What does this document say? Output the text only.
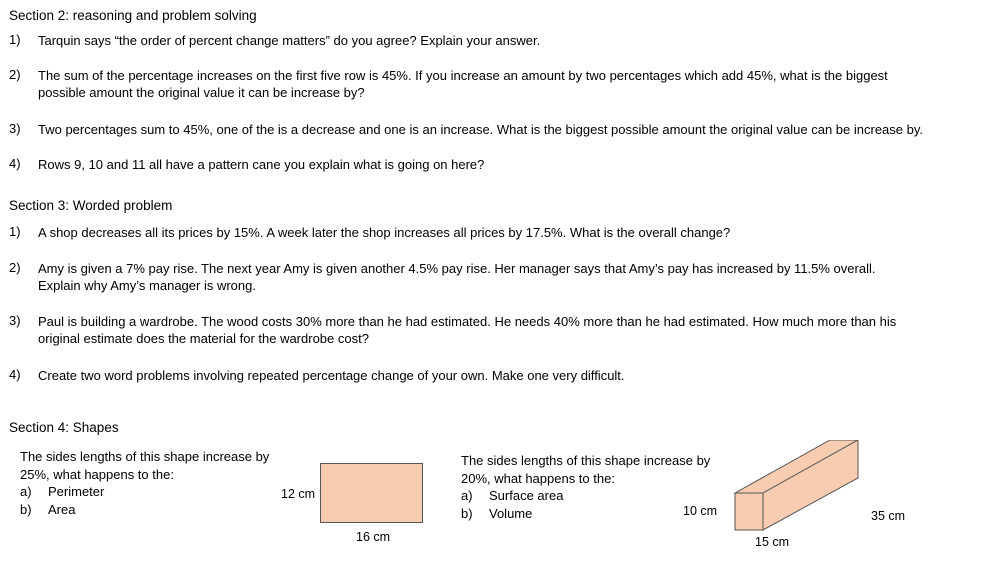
Section 2: reasoning and problem solving
1) Tarquin says “the order of percent change matters” do you agree? Explain your answer.
2) The sum of the percentage increases on the first five row is 45%. If you increase an amount by two percentages which add 45%, what is the biggest
possible amount the original value it can be increase by?
3) Two percentages sum to 45%, one of the is a decrease and one is an increase. What is the biggest possible amount the original value can be increase by.
4) Rows 9, 10 and 11 all have a pattern cane you explain what is going on here?
Section 3: Worded problem
1) A shop decreases all its prices by 15%. A week later the shop increases all prices by 17.5%. What is the overall change?
2) Amy is given a 7% pay rise. The next year Amy is given another 4.5% pay rise. Her manager says that Amy’s pay has increased by 11.5% overall.
Explain why Amy’s manager is wrong.
3) Paul is building a wardrobe. The wood costs 30% more than he had estimated. He needs 40% more than he had estimated. How much more than his
original estimate does the material for the wardrobe cost?
4) Create two word problems involving repeated percentage change of your own. Make one very difficult.
Section 4: Shapes
The sides lengths of this shape increase by
25%, what happens to the:
a) Perimeter
b) Area
12 cm
16 cm
The sides lengths of this shape increase by
20%, what happens to the:
a) Surface area
b) Volume	10 cm
15 cm
35 cm
